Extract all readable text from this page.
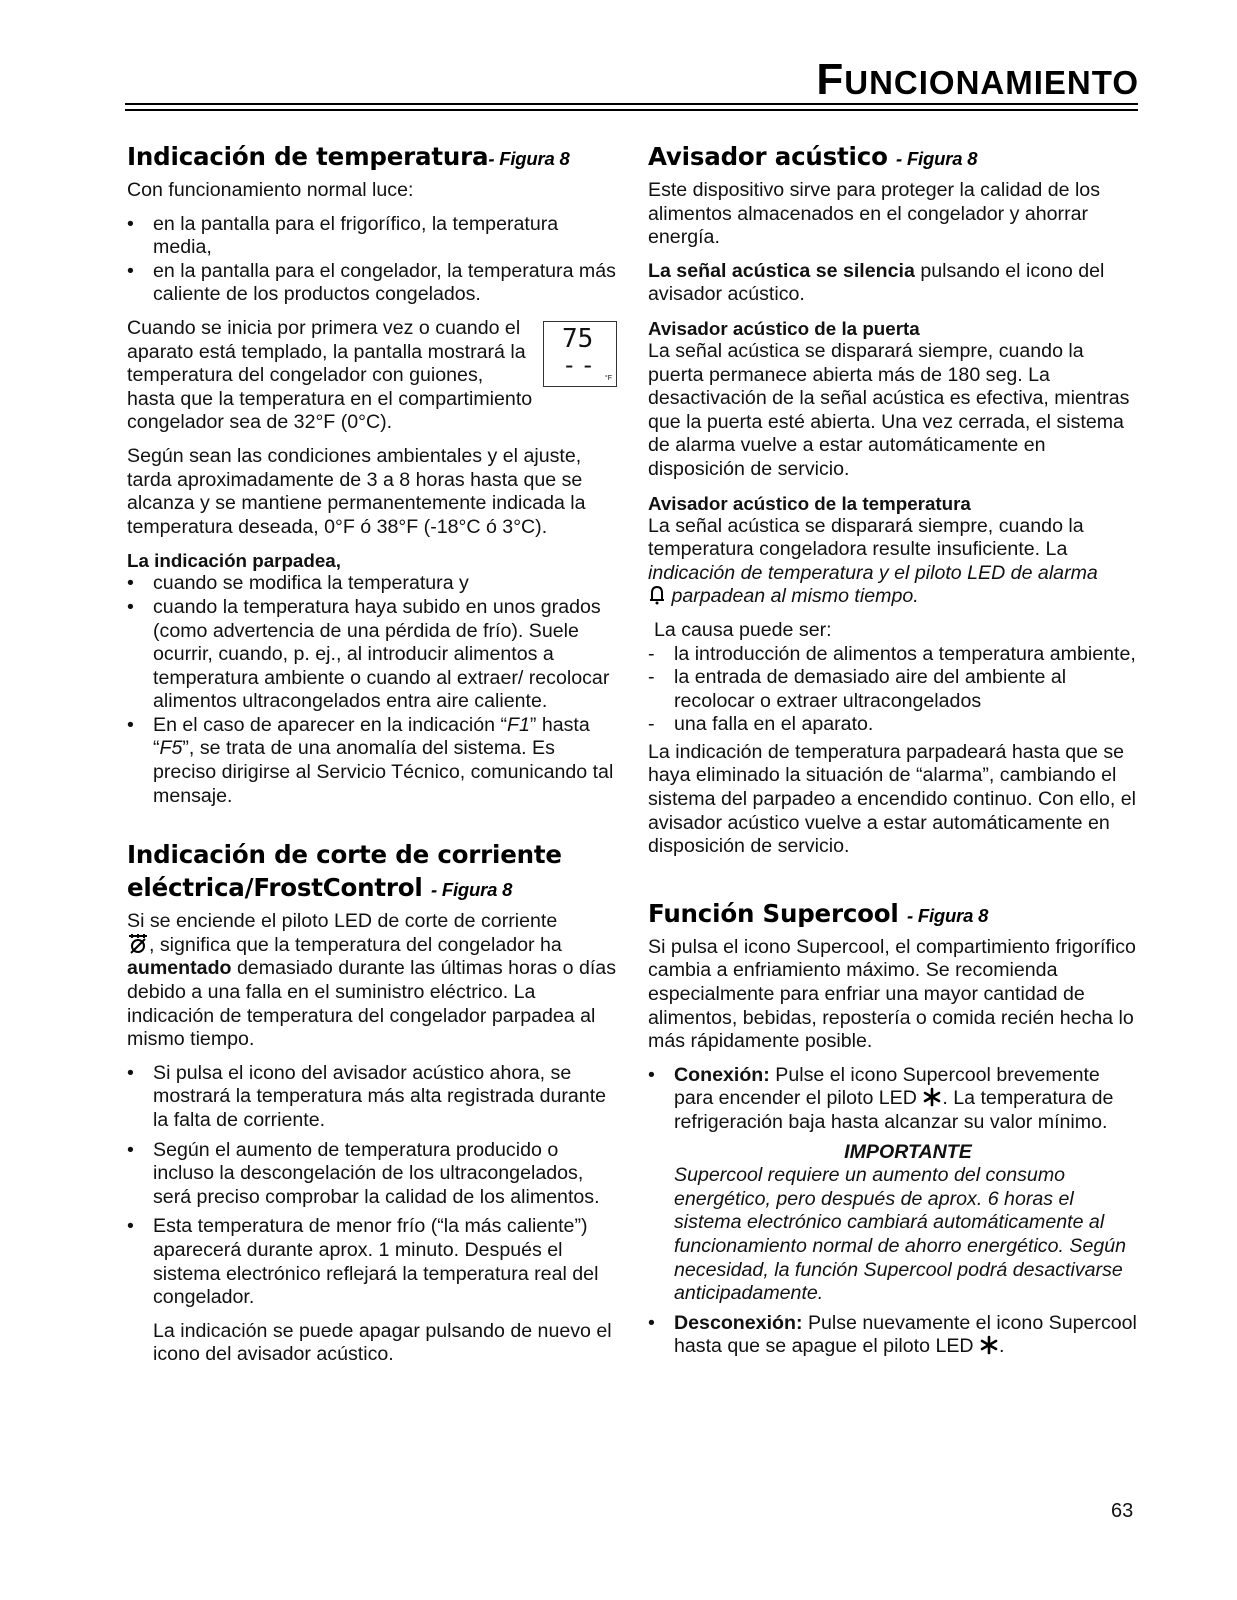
FUNCIONAMIENTO
Indicación de temperatura- Figura 8

Con funcionamiento normal luce:

• en la pantalla para el frigorífico, la temperatura media,
• en la pantalla para el congelador, la temperatura más caliente de los productos congelados.
75
-- °F
Cuando se inicia por primera vez o cuando el aparato está templado, la pantalla mostrará la temperatura del congelador con guiones, hasta que la temperatura en el compartimiento congelador sea de 32°F (0°C).

Según sean las condiciones ambientales y el ajuste, tarda aproximadamente de 3 a 8 horas hasta que se alcanza y se mantiene permanentemente indicada la temperatura deseada, 0°F ó 38°F (-18°C ó 3°C).

La indicación parpadea,
• cuando se modifica la temperatura y
• cuando la temperatura haya subido en unos grados (como advertencia de una pérdida de frío). Suele ocurrir, cuando, p. ej., al introducir alimentos a temperatura ambiente o cuando al extraer/ recolocar alimentos ultracongelados entra aire caliente.
• En el caso de aparecer en la indicación “F1” hasta “F5”, se trata de una anomalía del sistema. Es preciso dirigirse al Servicio Técnico, comunicando tal mensaje.
Indicación de corte de corriente
eléctrica/FrostControl - Figura 8

Si se enciende el piloto LED de corte de corriente
, significa que la temperatura del congelador ha aumentado demasiado durante las últimas horas o días debido a una falla en el suministro eléctrico. La indicación de temperatura del congelador parpadea al mismo tiempo.

• Si pulsa el icono del avisador acústico ahora, se mostrará la temperatura más alta registrada durante la falta de corriente.
• Según el aumento de temperatura producido o incluso la descongelación de los ultracongelados, será preciso comprobar la calidad de los alimentos.
• Esta temperatura de menor frío (“la más caliente”) aparecerá durante aprox. 1 minuto. Después el sistema electrónico reflejará la temperatura real del congelador.

La indicación se puede apagar pulsando de nuevo el icono del avisador acústico.

Avisador acústico - Figura 8

Este dispositivo sirve para proteger la calidad de los alimentos almacenados en el congelador y ahorrar energía.

La señal acústica se silencia pulsando el icono del avisador acústico.

Avisador acústico de la puerta

La señal acústica se disparará siempre, cuando la puerta permanece abierta más de 180 seg. La desactivación de la señal acústica es efectiva, mientras que la puerta esté abierta. Una vez cerrada, el sistema de alarma vuelve a estar automáticamente en disposición de servicio.

Avisador acústico de la temperatura

La señal acústica se disparará siempre, cuando la temperatura congeladora resulte insuficiente. La
indicación de temperatura y el piloto LED de alarma
parpadean al mismo tiempo.

La causa puede ser:

- la introducción de alimentos a temperatura ambiente,
- la entrada de demasiado aire del ambiente al recolocar o extraer ultracongelados
- una falla en el aparato.

La indicación de temperatura parpadeará hasta que se haya eliminado la situación de “alarma”, cambiando el sistema del parpadeo a encendido continuo. Con ello, el avisador acústico vuelve a estar automáticamente en disposición de servicio.

Función Supercool - Figura 8

Si pulsa el icono Supercool, el compartimiento frigorífico cambia a enfriamiento máximo. Se recomienda especialmente para enfriar una mayor cantidad de alimentos, bebidas, repostería o comida recién hecha lo más rápidamente posible.

• Conexión: Pulse el icono Supercool brevemente para encender el piloto LED . La temperatura de refrigeración baja hasta alcanzar su valor mínimo.
IMPORTANTE
Supercool requiere un aumento del consumo energético, pero después de aprox. 6 horas el sistema electrónico cambiará automáticamente al funcionamiento normal de ahorro energético. Según necesidad, la función Supercool podrá desactivarse anticipadamente.
• Desconexión: Pulse nuevamente el icono Supercool hasta que se apague el piloto LED .

63
